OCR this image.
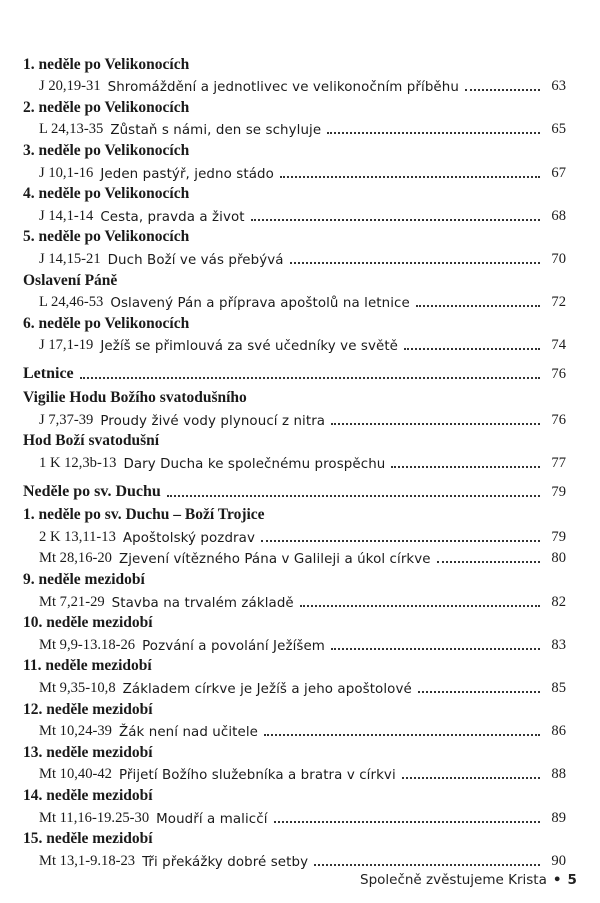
1. neděle po Velikonocích
J 20,19-31 Shromáždění a jednotlivec ve velikonočním příběhu	63
2. neděle po Velikonocích
L 24,13-35 Zůstaň s námi, den se schyluje	65
3. neděle po Velikonocích
J 10,1-16 Jeden pastýř, jedno stádo	67
4. neděle po Velikonocích
J 14,1-14 Cesta, pravda a život	68
5. neděle po Velikonocích
J 14,15-21 Duch Boží ve vás přebývá	70
Oslavení Páně
L 24,46-53 Oslavený Pán a příprava apoštolů na letnice	72
6. neděle po Velikonocích
J 17,1-19 Ježíš se přimlouvá za své učedníky ve světě	74
Letnice	76
Vigilie Hodu Božího svatodušního
J 7,37-39 Proudy živé vody plynoucí z nitra	76
Hod Boží svatodušní
1 K 12,3b-13 Dary Ducha ke společnému prospěchu	77
Neděle po sv. Duchu	79
1. neděle po sv. Duchu – Boží Trojice
2 K 13,11-13 Apoštolský pozdrav	79
Mt 28,16-20 Zjevení vítězného Pána v Galileji a úkol církve	80
9. neděle mezidobí
Mt 7,21-29 Stavba na trvalém základě	82
10. neděle mezidobí
Mt 9,9-13.18-26 Pozvání a povolání Ježíšem	83
11. neděle mezidobí
Mt 9,35-10,8 Základem církve je Ježíš a jeho apoštolové	85
12. neděle mezidobí
Mt 10,24-39 Žák není nad učitele	86
13. neděle mezidobí
Mt 10,40-42 Přijetí Božího služebníka a bratra v církvi	88
14. neděle mezidobí
Mt 11,16-19.25-30 Moudří a malicčí	89
15. neděle mezidobí
Mt 13,1-9.18-23 Tři překážky dobré setby	90
Společně zvěstujeme Krista • 5
